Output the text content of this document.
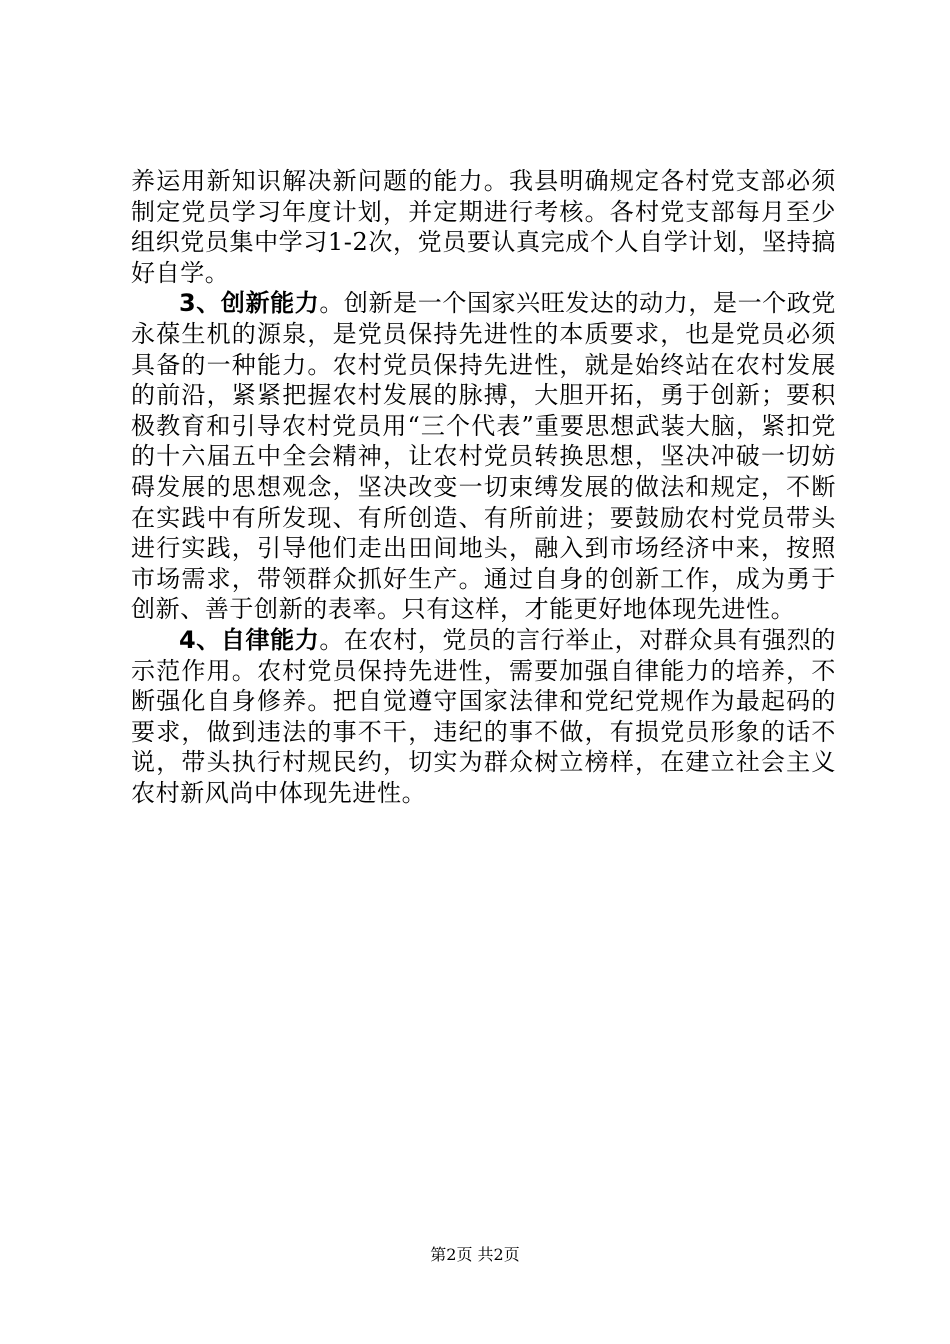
养运用新知识解决新问题的能力。我县明确规定各村党支部必须制定党员学习年度计划，并定期进行考核。各村党支部每月至少组织党员集中学习1-2次，党员要认真完成个人自学计划，坚持搞好自学。

3、创新能力。创新是一个国家兴旺发达的动力，是一个政党永葆生机的源泉，是党员保持先进性的本质要求，也是党员必须具备的一种能力。农村党员保持先进性，就是始终站在农村发展的前沿，紧紧把握农村发展的脉搏，大胆开拓，勇于创新；要积极教育和引导农村党员用“三个代表”重要思想武装大脑，紧扣党的十六届五中全会精神，让农村党员转换思想，坚决冲破一切妨碍发展的思想观念，坚决改变一切束缚发展的做法和规定，不断在实践中有所发现、有所创造、有所前进；要鼓励农村党员带头进行实践，引导他们走出田间地头，融入到市场经济中来，按照市场需求，带领群众抓好生产。通过自身的创新工作，成为勇于创新、善于创新的表率。只有这样，才能更好地体现先进性。

4、自律能力。在农村，党员的言行举止，对群众具有强烈的示范作用。农村党员保持先进性，需要加强自律能力的培养，不断强化自身修养。把自觉遵守国家法律和党纪党规作为最起码的要求，做到违法的事不干，违纪的事不做，有损党员形象的话不说，带头执行村规民约，切实为群众树立榜样，在建立社会主义农村新风尚中体现先进性。

第2页 共2页
